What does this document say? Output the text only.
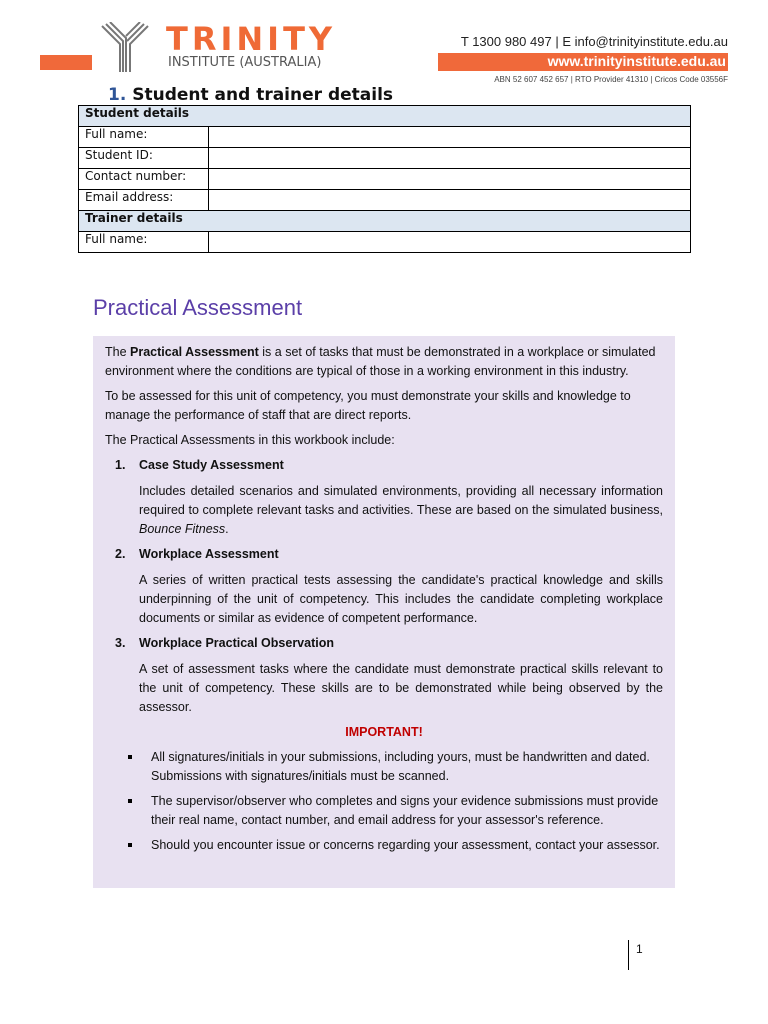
TRINITY
INSTITUTE (AUSTRALIA)
T 1300 980 497 | E info@trinityinstitute.edu.au
www.trinityinstitute.edu.au
ABN 52 607 452 657 | RTO Provider 41310 | Cricos Code 03556F
1. Student and trainer details
Student details	
Full name:	
Student ID:	
Contact number:	
Email address:	
Trainer details	
Full name:	
Practical Assessment

The Practical Assessment is a set of tasks that must be demonstrated in a workplace or simulated environment where the conditions are typical of those in a working environment in this industry.

To be assessed for this unit of competency, you must demonstrate your skills and knowledge to manage the performance of staff that are direct reports.

The Practical Assessments in this workbook include:

1. Case Study Assessment
Includes detailed scenarios and simulated environments, providing all necessary information required to complete relevant tasks and activities. These are based on the simulated business, Bounce Fitness.
2. Workplace Assessment
A series of written practical tests assessing the candidate's practical knowledge and skills underpinning of the unit of competency. This includes the candidate completing workplace documents or similar as evidence of competent performance.
3. Workplace Practical Observation
A set of assessment tasks where the candidate must demonstrate practical skills relevant to the unit of competency. These skills are to be demonstrated while being observed by the assessor.
IMPORTANT!
All signatures/initials in your submissions, including yours, must be handwritten and dated. Submissions with signatures/initials must be scanned.
The supervisor/observer who completes and signs your evidence submissions must provide their real name, contact number, and email address for your assessor's reference.
Should you encounter issue or concerns regarding your assessment, contact your assessor.
1
